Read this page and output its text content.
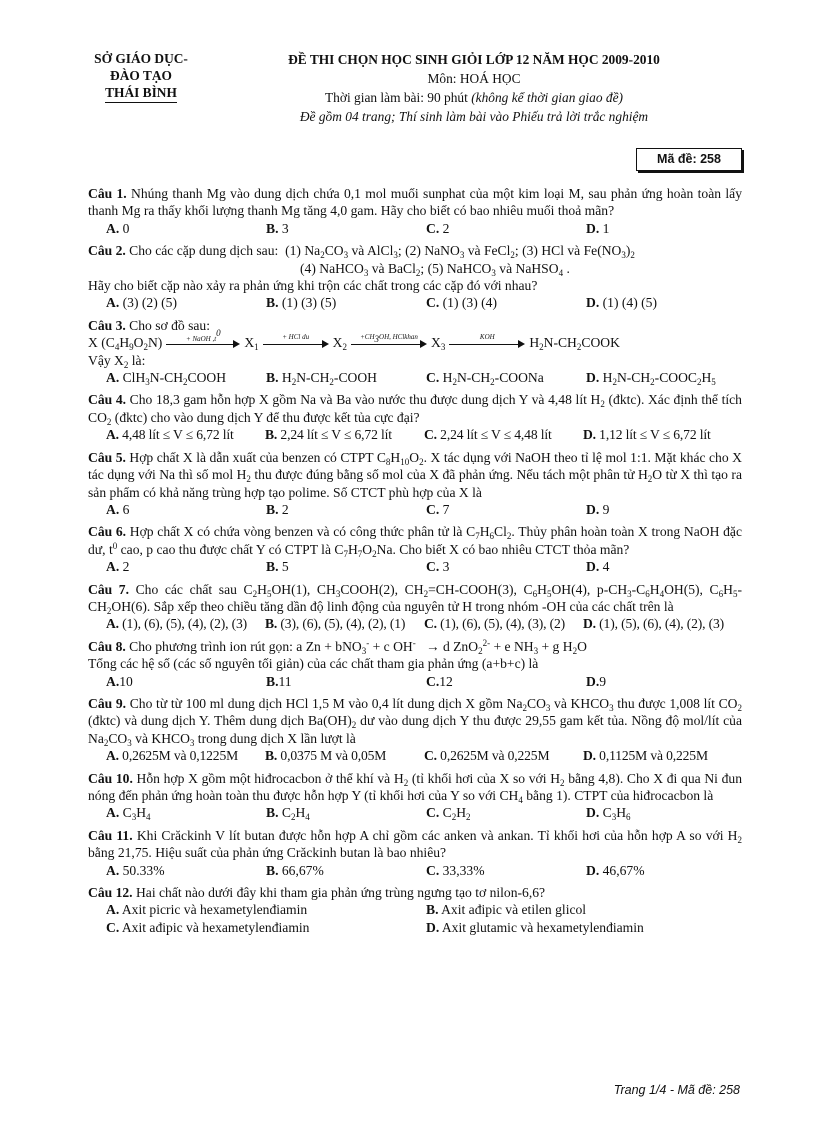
SỞ GIÁO DỤC-ĐÀO TẠO
THÁI BÌNH
ĐỀ THI CHỌN HỌC SINH GIỎI LỚP 12 NĂM HỌC 2009-2010
Môn: HOÁ HỌC
Thời gian làm bài: 90 phút (không kể thời gian giao đề)
Đề gồm 04 trang; Thí sinh làm bài vào Phiếu trả lời trắc nghiệm
Mã đề: 258
Câu 1. Nhúng thanh Mg vào dung dịch chứa 0,1 mol muối sunphat của một kim loại M, sau phản ứng hoàn toàn lấy thanh Mg ra thấy khối lượng thanh Mg tăng 4,0 gam. Hãy cho biết có bao nhiêu muối thoả mãn?
A. 0	B. 3	C. 2	D. 1
Câu 2. Cho các cặp dung dịch sau:  (1) $Na_2CO_3$ và AlCl$_3$; (2) NaNO$_3$ và FeCl$_2$; (3) HCl và $Fe(NO_3)_2$
(4) NaHCO$_3$ và BaCl$_2$; (5) NaHCO$_3$ và NaHSO$_4$ .
Hãy cho biết cặp nào xảy ra phản ứng khi trộn các chất trong các cặp đó với nhau?
A. (3) (2) (5)	B. (1) (3) (5)	C. (1) (3) (4)	D. (1) (4) (5)
Câu 3. Cho sơ đồ sau:
X $(C_4H_9O_2N)$	+ NaOH $,t^0$
$X_1$
+ HCl du	$X_2$
$+CH_3OH$, HClkhan $X_3$
KOH	$H_2N-CH_2COOK$
Vậy $X_2$ là:
A. $ClH_3N-CH_2COOH$	B. $H_2N-CH_2$-COOH	C. $H_2N-CH_2$-COONa	D. $H_2N-CH_2-COOC_2H_5$
Câu 4. Cho 18,3 gam hỗn hợp X gồm Na và Ba vào nước thu được dung dịch Y và 4,48 lít $H_2$ (đktc). Xác định thể tích $CO_2$ (đktc) cho vào dung dịch Y để thu được kết tủa cực đại?
A. 4,48 lít ≤ V ≤ 6,72 lít	B. 2,24 lít ≤ V ≤ 6,72 lít	C. 2,24 lít ≤ V ≤ 4,48 lít	D. 1,12 lít ≤ V ≤ 6,72 lít
Câu 5. Hợp chất X là dẫn xuất của benzen có CTPT $C_8H_{10}O_2$. X tác dụng với NaOH theo tỉ lệ mol 1:1. Mặt khác cho X tác dụng với Na thì số mol $H_2$ thu được đúng bằng số mol của X đã phản ứng. Nếu tách một phân tử $H_2O$ từ X thì tạo ra sản phẩm có khả năng trùng hợp tạo polime. Số CTCT phù hợp của X là
A. 6	B. 2	C. 7	D. 9
Câu 6. Hợp chất X có chứa vòng benzen và có công thức phân tử là $C_7H_6Cl_2$. Thủy phân hoàn toàn X trong NaOH đặc dư, $t^0$ cao, p cao thu được chất Y có CTPT là $C_7H_7O_2Na$. Cho biết X có bao nhiêu CTCT thỏa mãn?
A. 2	B. 5	C. 3	D. 4
Câu 7. Cho các chất sau $C_2H_5OH(1)$, $CH_3COOH(2)$, $CH_2=CH-COOH(3)$, $C_6H_5OH(4)$, $p-CH_3-C_6H_4OH(5)$, $C_6H_5-CH_2OH(6)$. Sắp xếp theo chiều tăng dần độ linh động của nguyên tử H trong nhóm -OH của các chất trên là
A. (1), (6), (5), (4), (2), (3)	B. (3), (6), (5), (4), (2), (1)	C. (1), (6), (5), (4), (3), (2)	D. (1), (5), (6), (4), (2), (3)
Câu 8. Cho phương trình ion rút gọn: a Zn + bNO$_3$- + c OH-   → d ZnO$_2^{2-}$ + e $NH_3 + g$ $H_2O$
Tổng các hệ số (các số nguyên tối giản) của các chất tham gia phản ứng (a+b+c) là
A.10	B.11	C.12	D.9
Câu 9. Cho từ từ 100 ml dung dịch HCl 1,5 M vào 0,4 lít dung dịch X gồm $Na_2CO_3$ và $KHCO_3$ thu được 1,008 lít $CO_2$ (đktc) và dung dịch Y. Thêm dung dịch $Ba(OH)_2$ dư vào dung dịch Y thu được 29,55 gam kết tủa. Nồng độ mol/lít của $Na_2CO_3$ và $KHCO_3$ trong dung dịch X lần lượt là
A. 0,2625M và 0,1225M	B. 0,0375 M và 0,05M	C. 0,2625M và 0,225M	D. 0,1125M và 0,225M
Câu 10. Hỗn hợp X gồm một hiđrocacbon ở thể khí và $H_2$ (tỉ khối hơi của X so với $H_2$ bằng 4,8). Cho X đi qua Ni đun nóng đến phản ứng hoàn toàn thu được hỗn hợp Y (tỉ khối hơi của Y so với $CH_4$ bằng 1). CTPT của hiđrocacbon là
A. $C_3H_4$	B. $C_2H_4$	C. $C_2H_2$	D. $C_3H_6$
Câu 11. Khi Crăckinh V lít butan được hỗn hợp A chỉ gồm các anken và ankan. Tỉ khối hơi của hỗn hợp A so với $H_2$ bằng 21,75. Hiệu suất của phản ứng Crăckinh butan là bao nhiêu?
A. 50.33%	B. 66,67%	C. 33,33%	D. 46,67%
Câu 12. Hai chất nào dưới đây khi tham gia phản ứng trùng ngưng tạo tơ nilon-6,6?
A. Axit picric và hexametylenđiamin	B. Axit ađipic và etilen glicol
C. Axit ađipic và hexametylenđiamin	D. Axit glutamic và hexametylenđiamin
Trang 1/4 - Mã đề: 258
